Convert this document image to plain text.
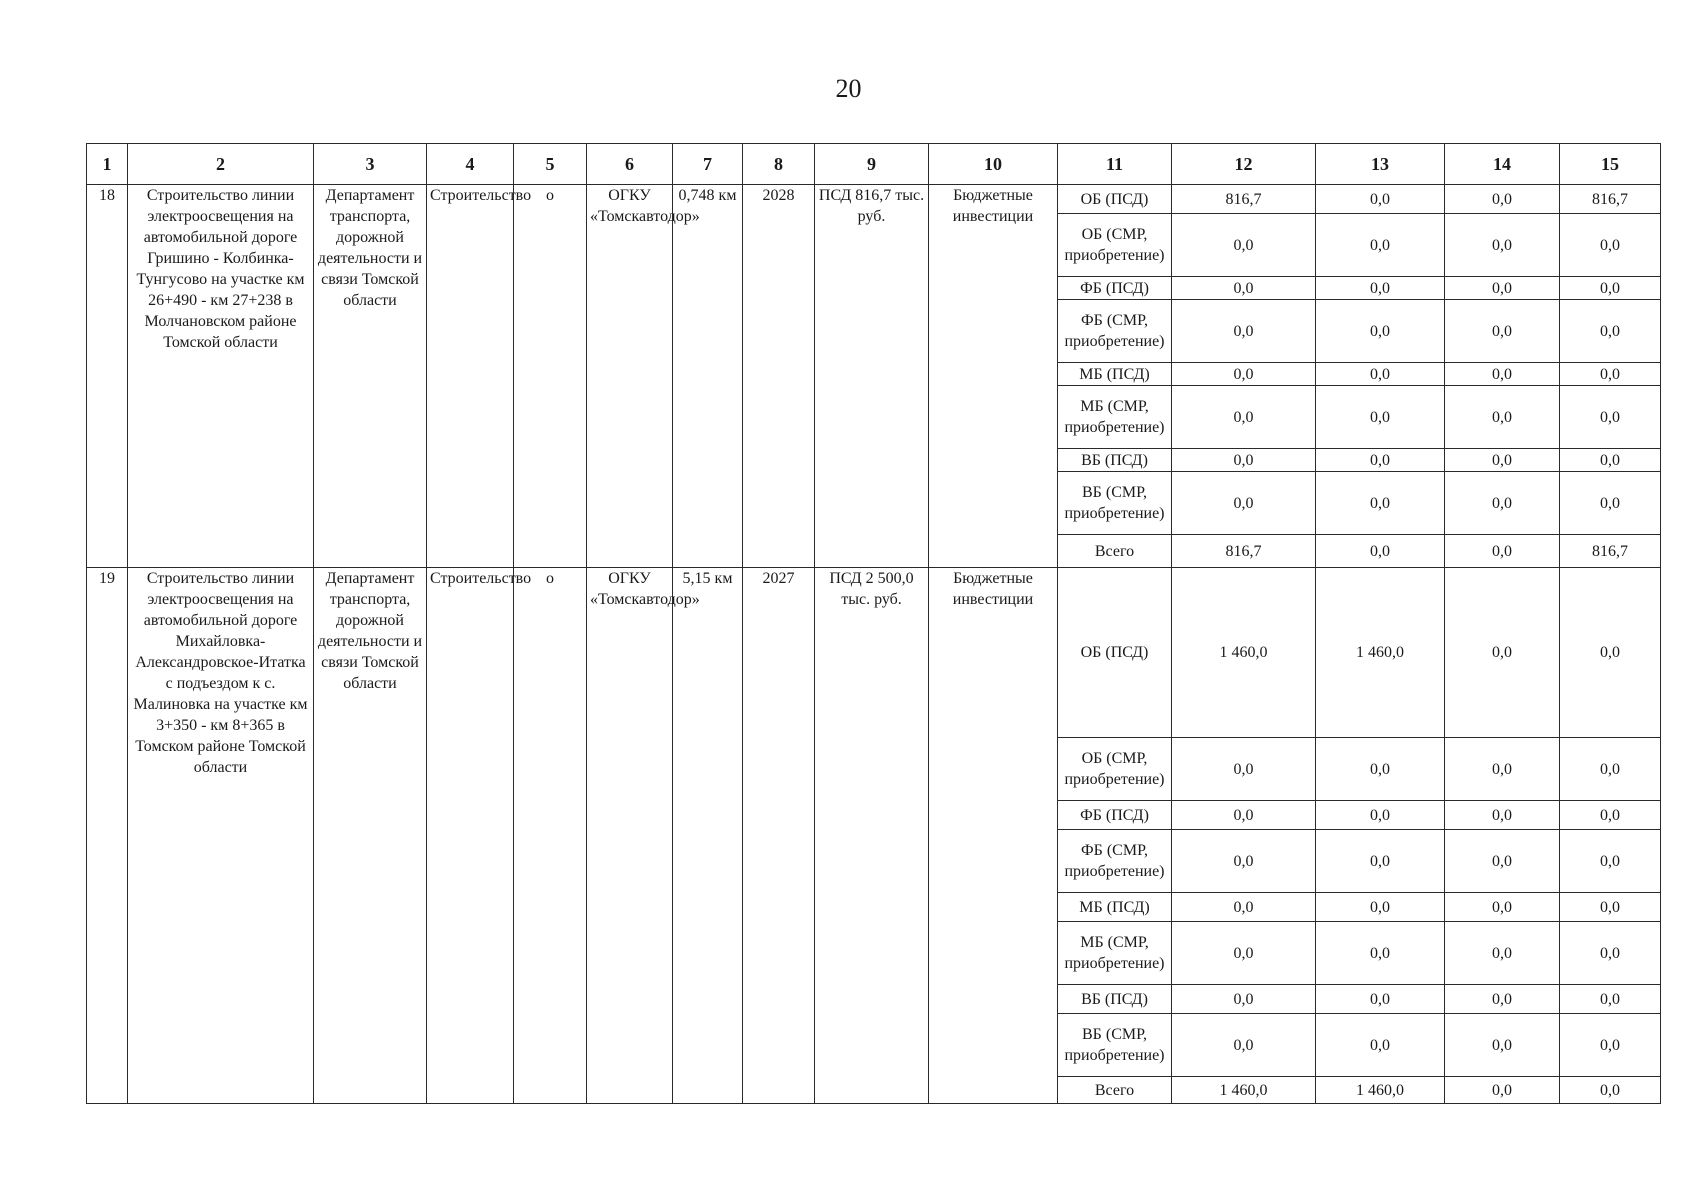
20
1	2	3	4	5	6	7	8	9	10	11	12	13	14	15
18	Строительство линии электроосвещения на автомобильной дороге Гришино - Колбинка-Тунгусово на участке км 26+490 - км 27+238 в Молчановском районе Томской области	Департамент транспорта, дорожной деятельности и связи Томской области	Строительство	о	ОГКУ «Томскавтодор»	0,748 км	2028	ПСД 816,7 тыс. руб.	Бюджетные инвестиции	ОБ (ПСД)	816,7	0,0	0,0	816,7
										ОБ (СМР, приобретение)	0,0	0,0	0,0	0,0
										ФБ (ПСД)	0,0	0,0	0,0	0,0
										ФБ (СМР, приобретение)	0,0	0,0	0,0	0,0
										МБ (ПСД)	0,0	0,0	0,0	0,0
										МБ (СМР, приобретение)	0,0	0,0	0,0	0,0
										ВБ (ПСД)	0,0	0,0	0,0	0,0
										ВБ (СМР, приобретение)	0,0	0,0	0,0	0,0
										Всего	816,7	0,0	0,0	816,7
19	Строительство линии электроосвещения на автомобильной дороге Михайловка-Александровское-Итатка с подъездом к с. Малиновка на участке км 3+350 - км 8+365 в Томском районе Томской области	Департамент транспорта, дорожной деятельности и связи Томской области	Строительство	о	ОГКУ «Томскавтодор»	5,15 км	2027	ПСД 2 500,0 тыс. руб.	Бюджетные инвестиции	ОБ (ПСД)	1 460,0	1 460,0	0,0	0,0
										ОБ (СМР, приобретение)	0,0	0,0	0,0	0,0
										ФБ (ПСД)	0,0	0,0	0,0	0,0
										ФБ (СМР, приобретение)	0,0	0,0	0,0	0,0
										МБ (ПСД)	0,0	0,0	0,0	0,0
										МБ (СМР, приобретение)	0,0	0,0	0,0	0,0
										ВБ (ПСД)	0,0	0,0	0,0	0,0
										ВБ (СМР, приобретение)	0,0	0,0	0,0	0,0
										Всего	1 460,0	1 460,0	0,0	0,0
